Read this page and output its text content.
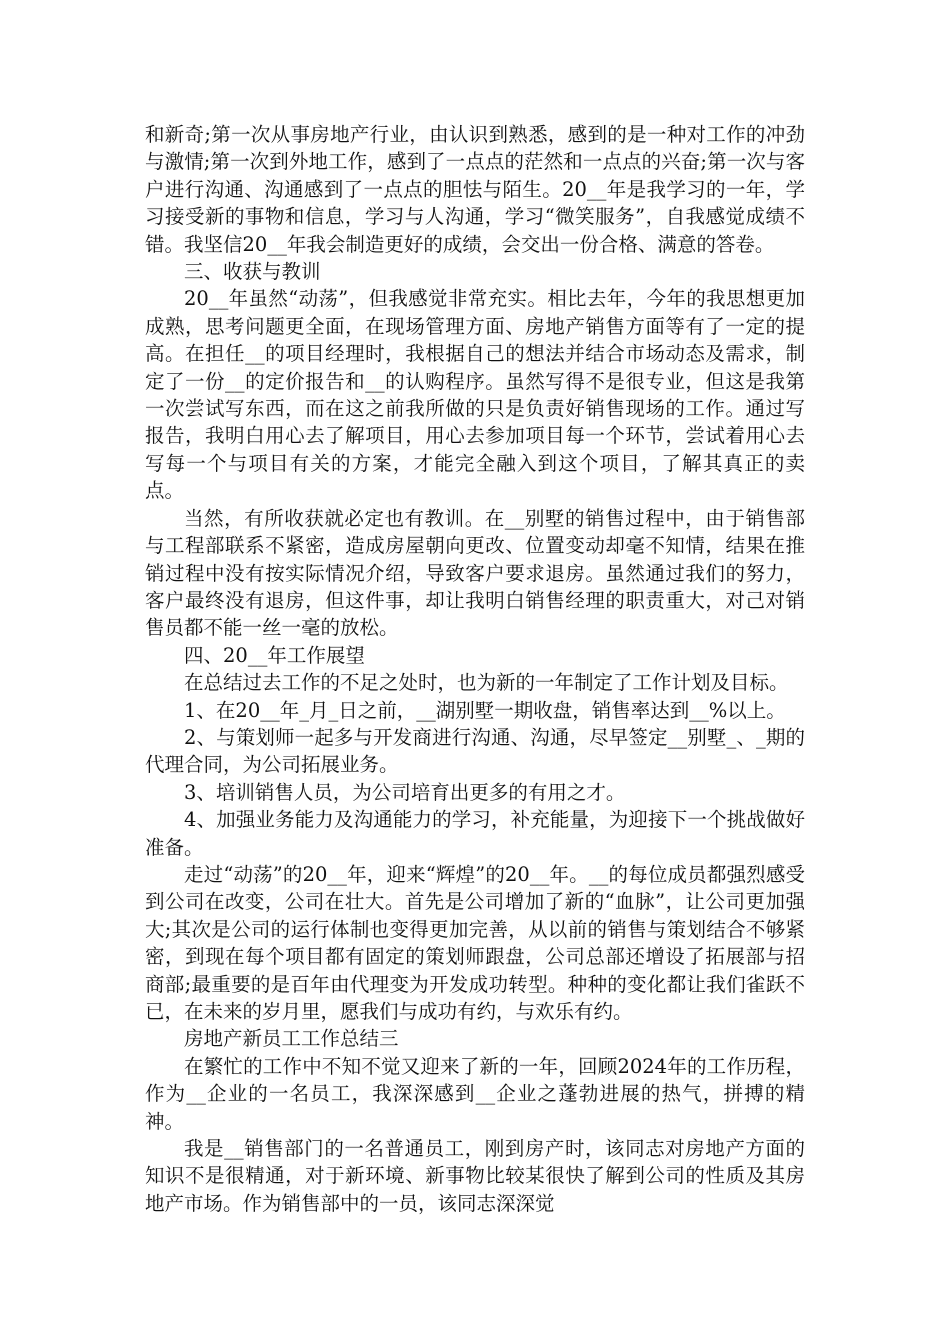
和新奇;第一次从事房地产行业，由认识到熟悉，感到的是一种对工作的冲劲与激情;第一次到外地工作，感到了一点点的茫然和一点点的兴奋;第一次与客户进行沟通、沟通感到了一点点的胆怯与陌生。20__年是我学习的一年，学习接受新的事物和信息，学习与人沟通，学习“微笑服务”，自我感觉成绩不错。我坚信20__年我会制造更好的成绩，会交出一份合格、满意的答卷。

三、收获与教训

20__年虽然“动荡”，但我感觉非常充实。相比去年，今年的我思想更加成熟，思考问题更全面，在现场管理方面、房地产销售方面等有了一定的提高。在担任__的项目经理时，我根据自己的想法并结合市场动态及需求，制定了一份__的定价报告和__的认购程序。虽然写得不是很专业，但这是我第一次尝试写东西，而在这之前我所做的只是负责好销售现场的工作。通过写报告，我明白用心去了解项目，用心去参加项目每一个环节，尝试着用心去写每一个与项目有关的方案，才能完全融入到这个项目，了解其真正的卖点。

当然，有所收获就必定也有教训。在__别墅的销售过程中，由于销售部与工程部联系不紧密，造成房屋朝向更改、位置变动却毫不知情，结果在推销过程中没有按实际情况介绍，导致客户要求退房。虽然通过我们的努力，客户最终没有退房，但这件事，却让我明白销售经理的职责重大，对己对销售员都不能一丝一毫的放松。

四、20__年工作展望

在总结过去工作的不足之处时，也为新的一年制定了工作计划及目标。

1、在20__年_月_日之前，__湖别墅一期收盘，销售率达到__%以上。

2、与策划师一起多与开发商进行沟通、沟通，尽早签定__别墅_、_期的代理合同，为公司拓展业务。

3、培训销售人员，为公司培育出更多的有用之才。

4、加强业务能力及沟通能力的学习，补充能量，为迎接下一个挑战做好准备。

走过“动荡”的20__年，迎来“辉煌”的20__年。__的每位成员都强烈感受到公司在改变，公司在壮大。首先是公司增加了新的“血脉”，让公司更加强大;其次是公司的运行体制也变得更加完善，从以前的销售与策划结合不够紧密，到现在每个项目都有固定的策划师跟盘，公司总部还增设了拓展部与招商部;最重要的是百年由代理变为开发成功转型。种种的变化都让我们雀跃不已，在未来的岁月里，愿我们与成功有约，与欢乐有约。

房地产新员工工作总结三

在繁忙的工作中不知不觉又迎来了新的一年，回顾2024年的工作历程，作为__企业的一名员工，我深深感到__企业之蓬勃进展的热气，拼搏的精神。

我是__销售部门的一名普通员工，刚到房产时，该同志对房地产方面的知识不是很精通，对于新环境、新事物比较某很快了解到公司的性质及其房地产市场。作为销售部中的一员，该同志深深觉
